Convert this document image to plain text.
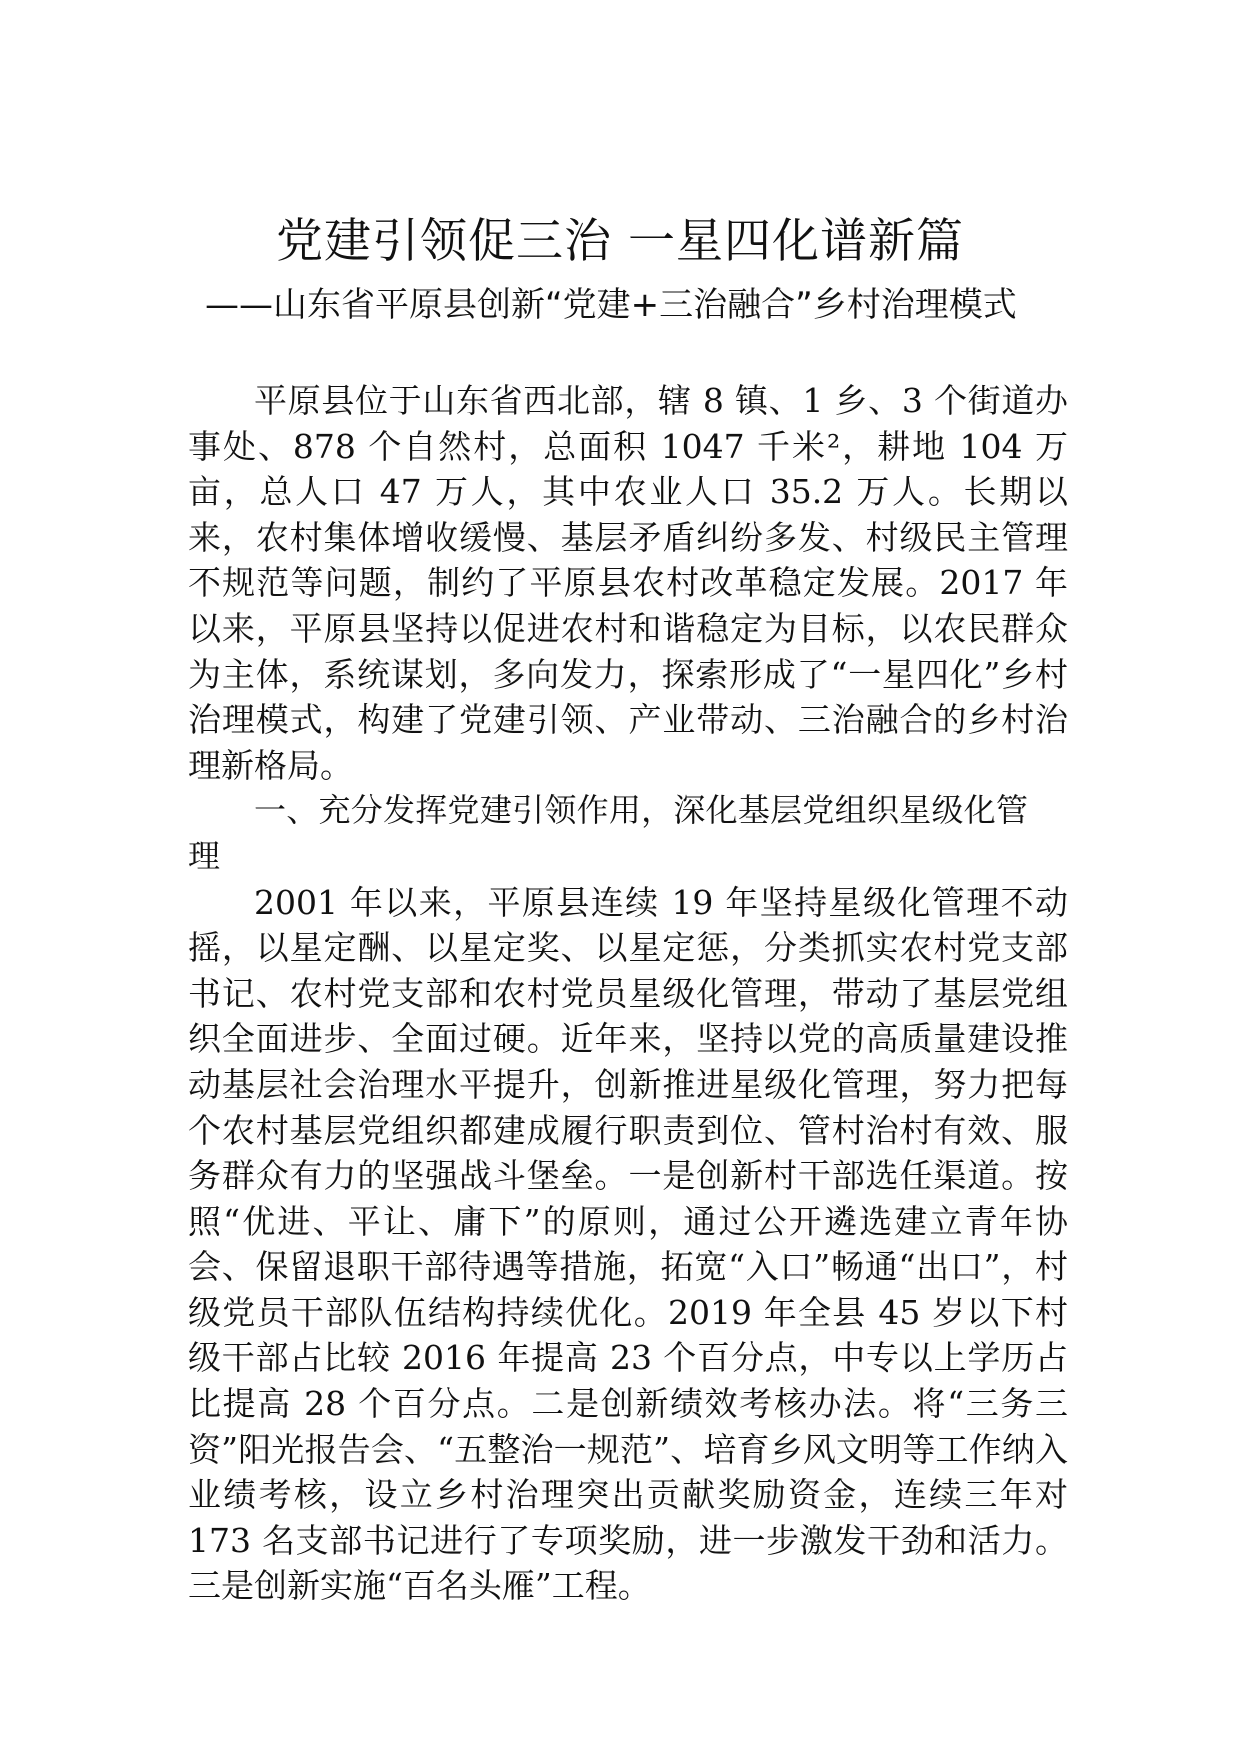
党建引领促三治 一星四化谱新篇
——山东省平原县创新“党建+三治融合”乡村治理模式

平原县位于山东省西北部，辖 8 镇、1 乡、3 个街道办事处、878 个自然村，总面积 1047 千米²，耕地 104 万亩，总人口 47 万人，其中农业人口 35.2 万人。长期以来，农村集体增收缓慢、基层矛盾纠纷多发、村级民主管理不规范等问题，制约了平原县农村改革稳定发展。2017 年以来，平原县坚持以促进农村和谐稳定为目标，以农民群众为主体，系统谋划，多向发力，探索形成了“一星四化”乡村治理模式，构建了党建引领、产业带动、三治融合的乡村治理新格局。

一、充分发挥党建引领作用，深化基层党组织星级化管理

2001 年以来，平原县连续 19 年坚持星级化管理不动摇，以星定酬、以星定奖、以星定惩，分类抓实农村党支部书记、农村党支部和农村党员星级化管理，带动了基层党组织全面进步、全面过硬。近年来，坚持以党的高质量建设推动基层社会治理水平提升，创新推进星级化管理，努力把每个农村基层党组织都建成履行职责到位、管村治村有效、服务群众有力的坚强战斗堡垒。一是创新村干部选任渠道。按照“优进、平让、庸下”的原则，通过公开遴选建立青年协会、保留退职干部待遇等措施，拓宽“入口”畅通“出口”，村级党员干部队伍结构持续优化。2019 年全县 45 岁以下村级干部占比较 2016 年提高 23 个百分点，中专以上学历占比提高 28 个百分点。二是创新绩效考核办法。将“三务三资”阳光报告会、“五整治一规范”、培育乡风文明等工作纳入业绩考核，设立乡村治理突出贡献奖励资金，连续三年对 173 名支部书记进行了专项奖励，进一步激发干劲和活力。三是创新实施“百名头雁”工程。
